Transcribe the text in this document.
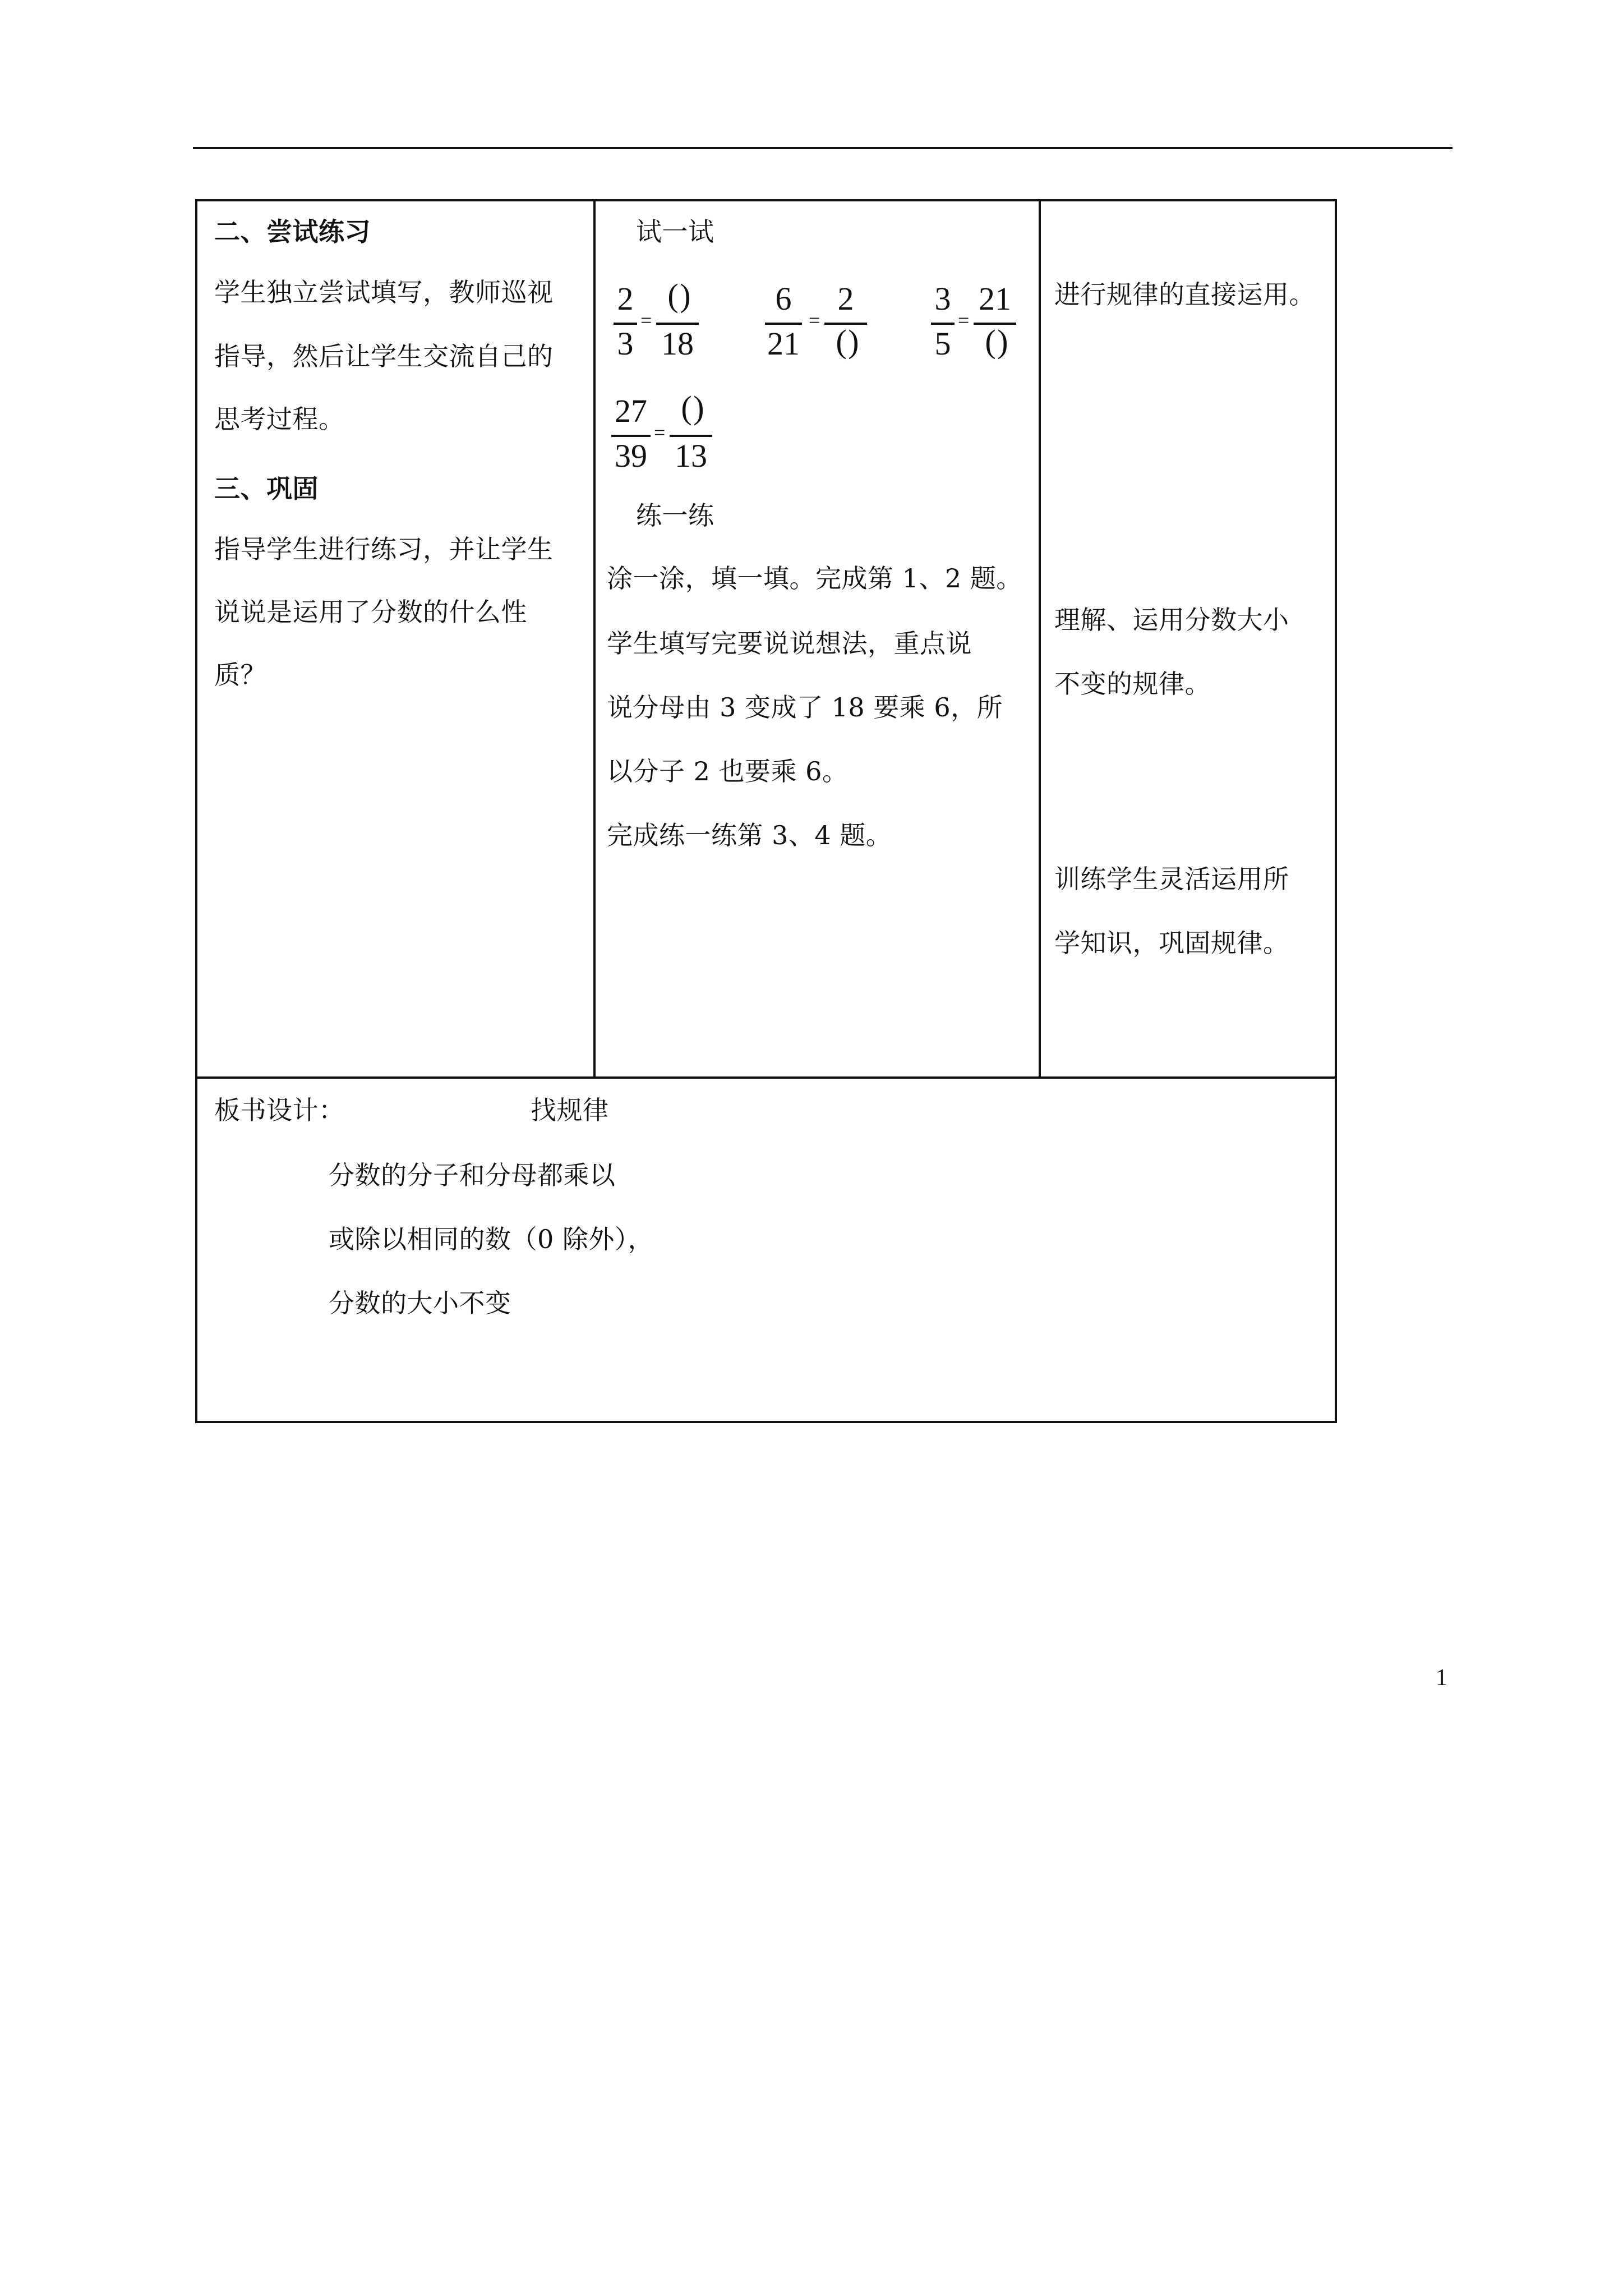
二、尝试练习
学生独立尝试填写，教师巡视
指导，然后让学生交流自己的
思考过程。
三、巩固
指导学生进行练习，并让学生
说说是运用了分数的什么性
质？
试一试
2
3
=
( )
18
6
21
=
2
( )
3
5
=
21
( )
27
39
=
( )
13
练一练
涂一涂，填一填。完成第 1、2 题。
学生填写完要说说想法，重点说
说分母由 3 变成了 18 要乘 6，所
以分子 2 也要乘 6。
完成练一练第 3、4 题。
进行规律的直接运用。
理解、运用分数大小
不变的规律。
训练学生灵活运用所
学知识，巩固规律。
板书设计：	找规律
分数的分子和分母都乘以
或除以相同的数（0 除外），
分数的大小不变
1
